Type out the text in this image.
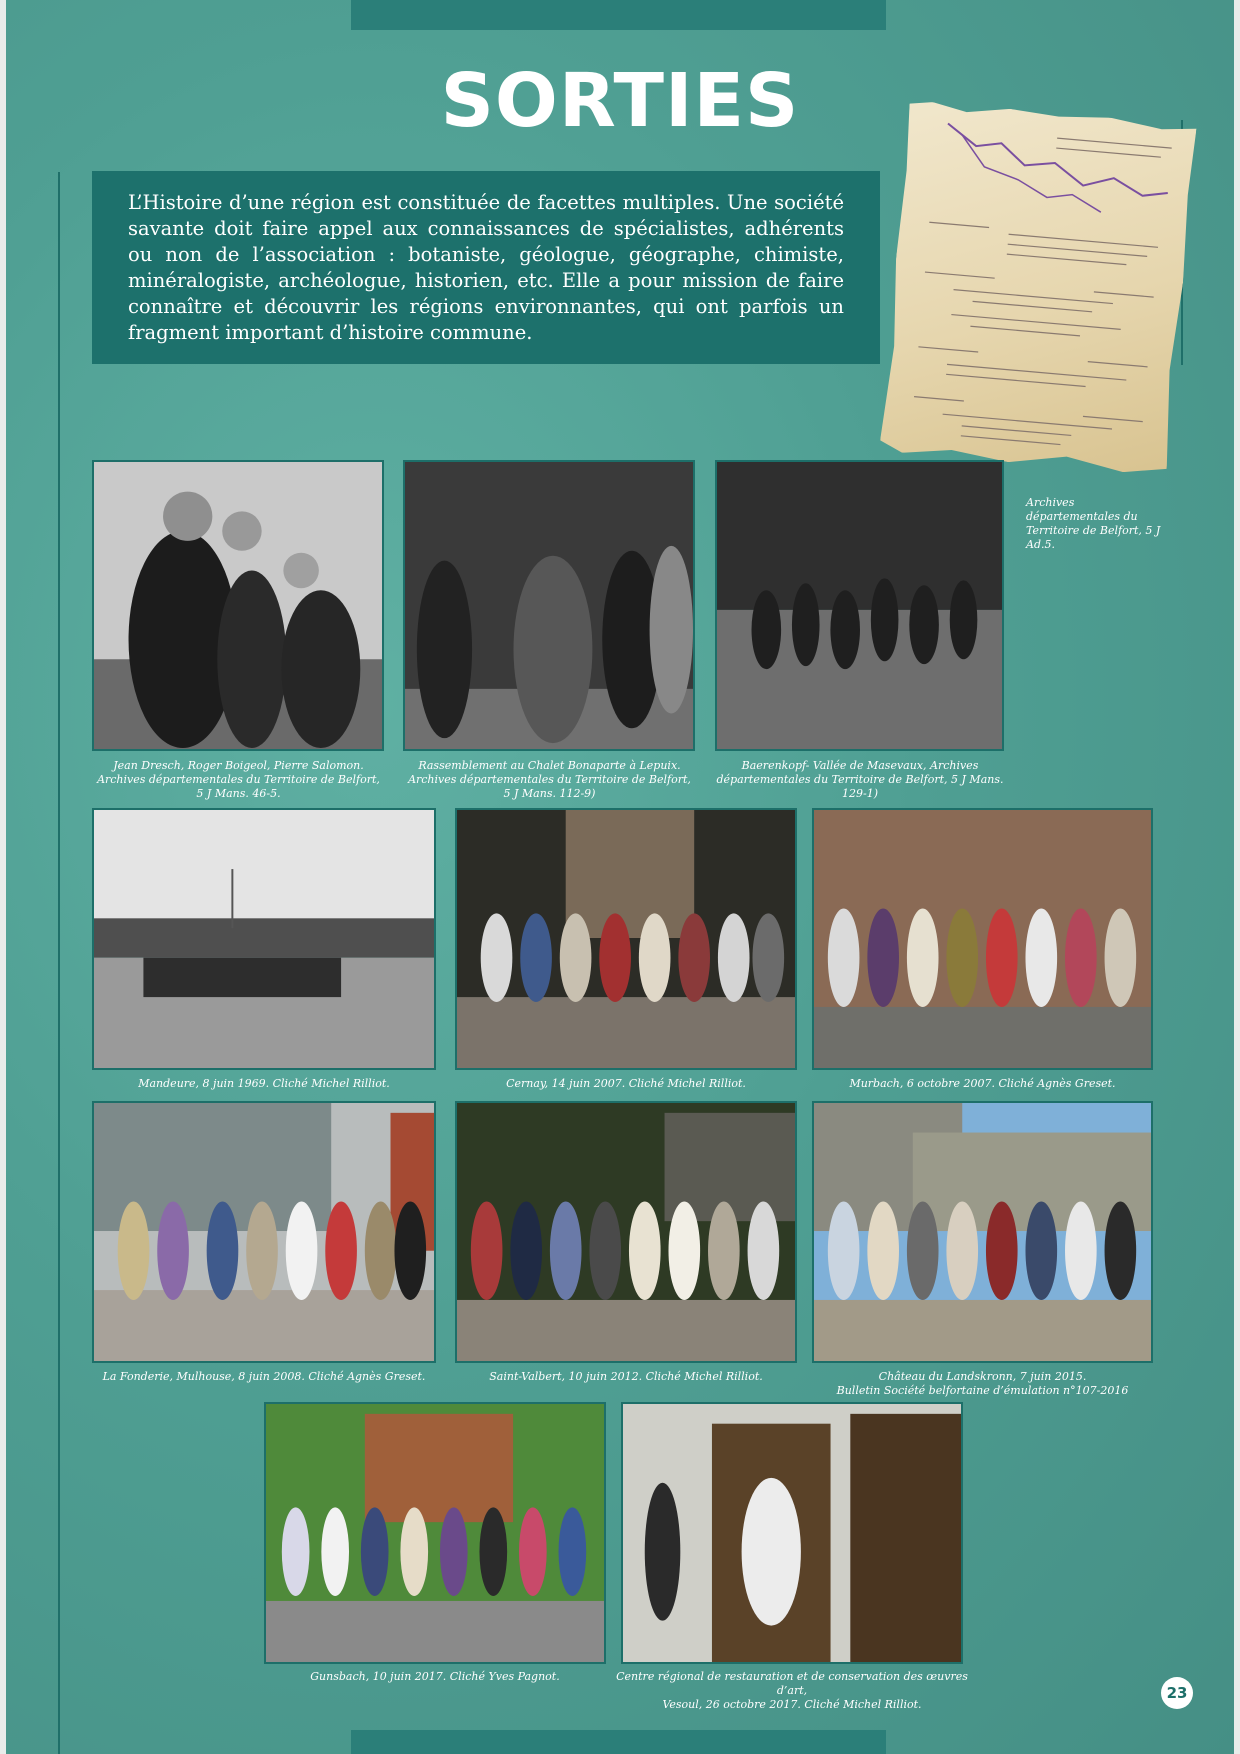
SORTIES
L’Histoire d’une région est constituée de facettes multiples. Une société savante doit faire appel aux connaissances de spécialistes, adhérents ou non de l’association : botaniste, géologue, géographe, chimiste, minéralogiste, archéologue, historien, etc. Elle a pour mission de faire connaître et découvrir les régions environnantes, qui ont parfois un fragment important d’histoire commune.
Archives départementales du Territoire de Belfort, 5 J Ad.5.
Jean Dresch, Roger Boigeol, Pierre Salomon. Archives départementales du Territoire de Belfort, 5 J Mans. 46-5.
Rassemblement au Chalet Bonaparte à Lepuix. Archives départementales du Territoire de Belfort, 5 J Mans. 112-9)
Baerenkopf- Vallée de Masevaux, Archives départementales du Territoire de Belfort, 5 J Mans. 129-1)
Mandeure, 8 juin 1969. Cliché Michel Rilliot.	Cernay, 14 juin 2007. Cliché Michel Rilliot.	Murbach, 6 octobre 2007. Cliché Agnès Greset.
La Fonderie, Mulhouse, 8 juin 2008. Cliché Agnès Greset.	Saint-Valbert, 10 juin 2012. Cliché Michel Rilliot.	Château du Landskronn, 7 juin 2015.
Bulletin Société belfortaine d’émulation n°107-2016
Gunsbach, 10 juin 2017. Cliché Yves Pagnot.	Centre régional de restauration et de conservation des œuvres d’art,
Vesoul, 26 octobre 2017. Cliché Michel Rilliot.
23
